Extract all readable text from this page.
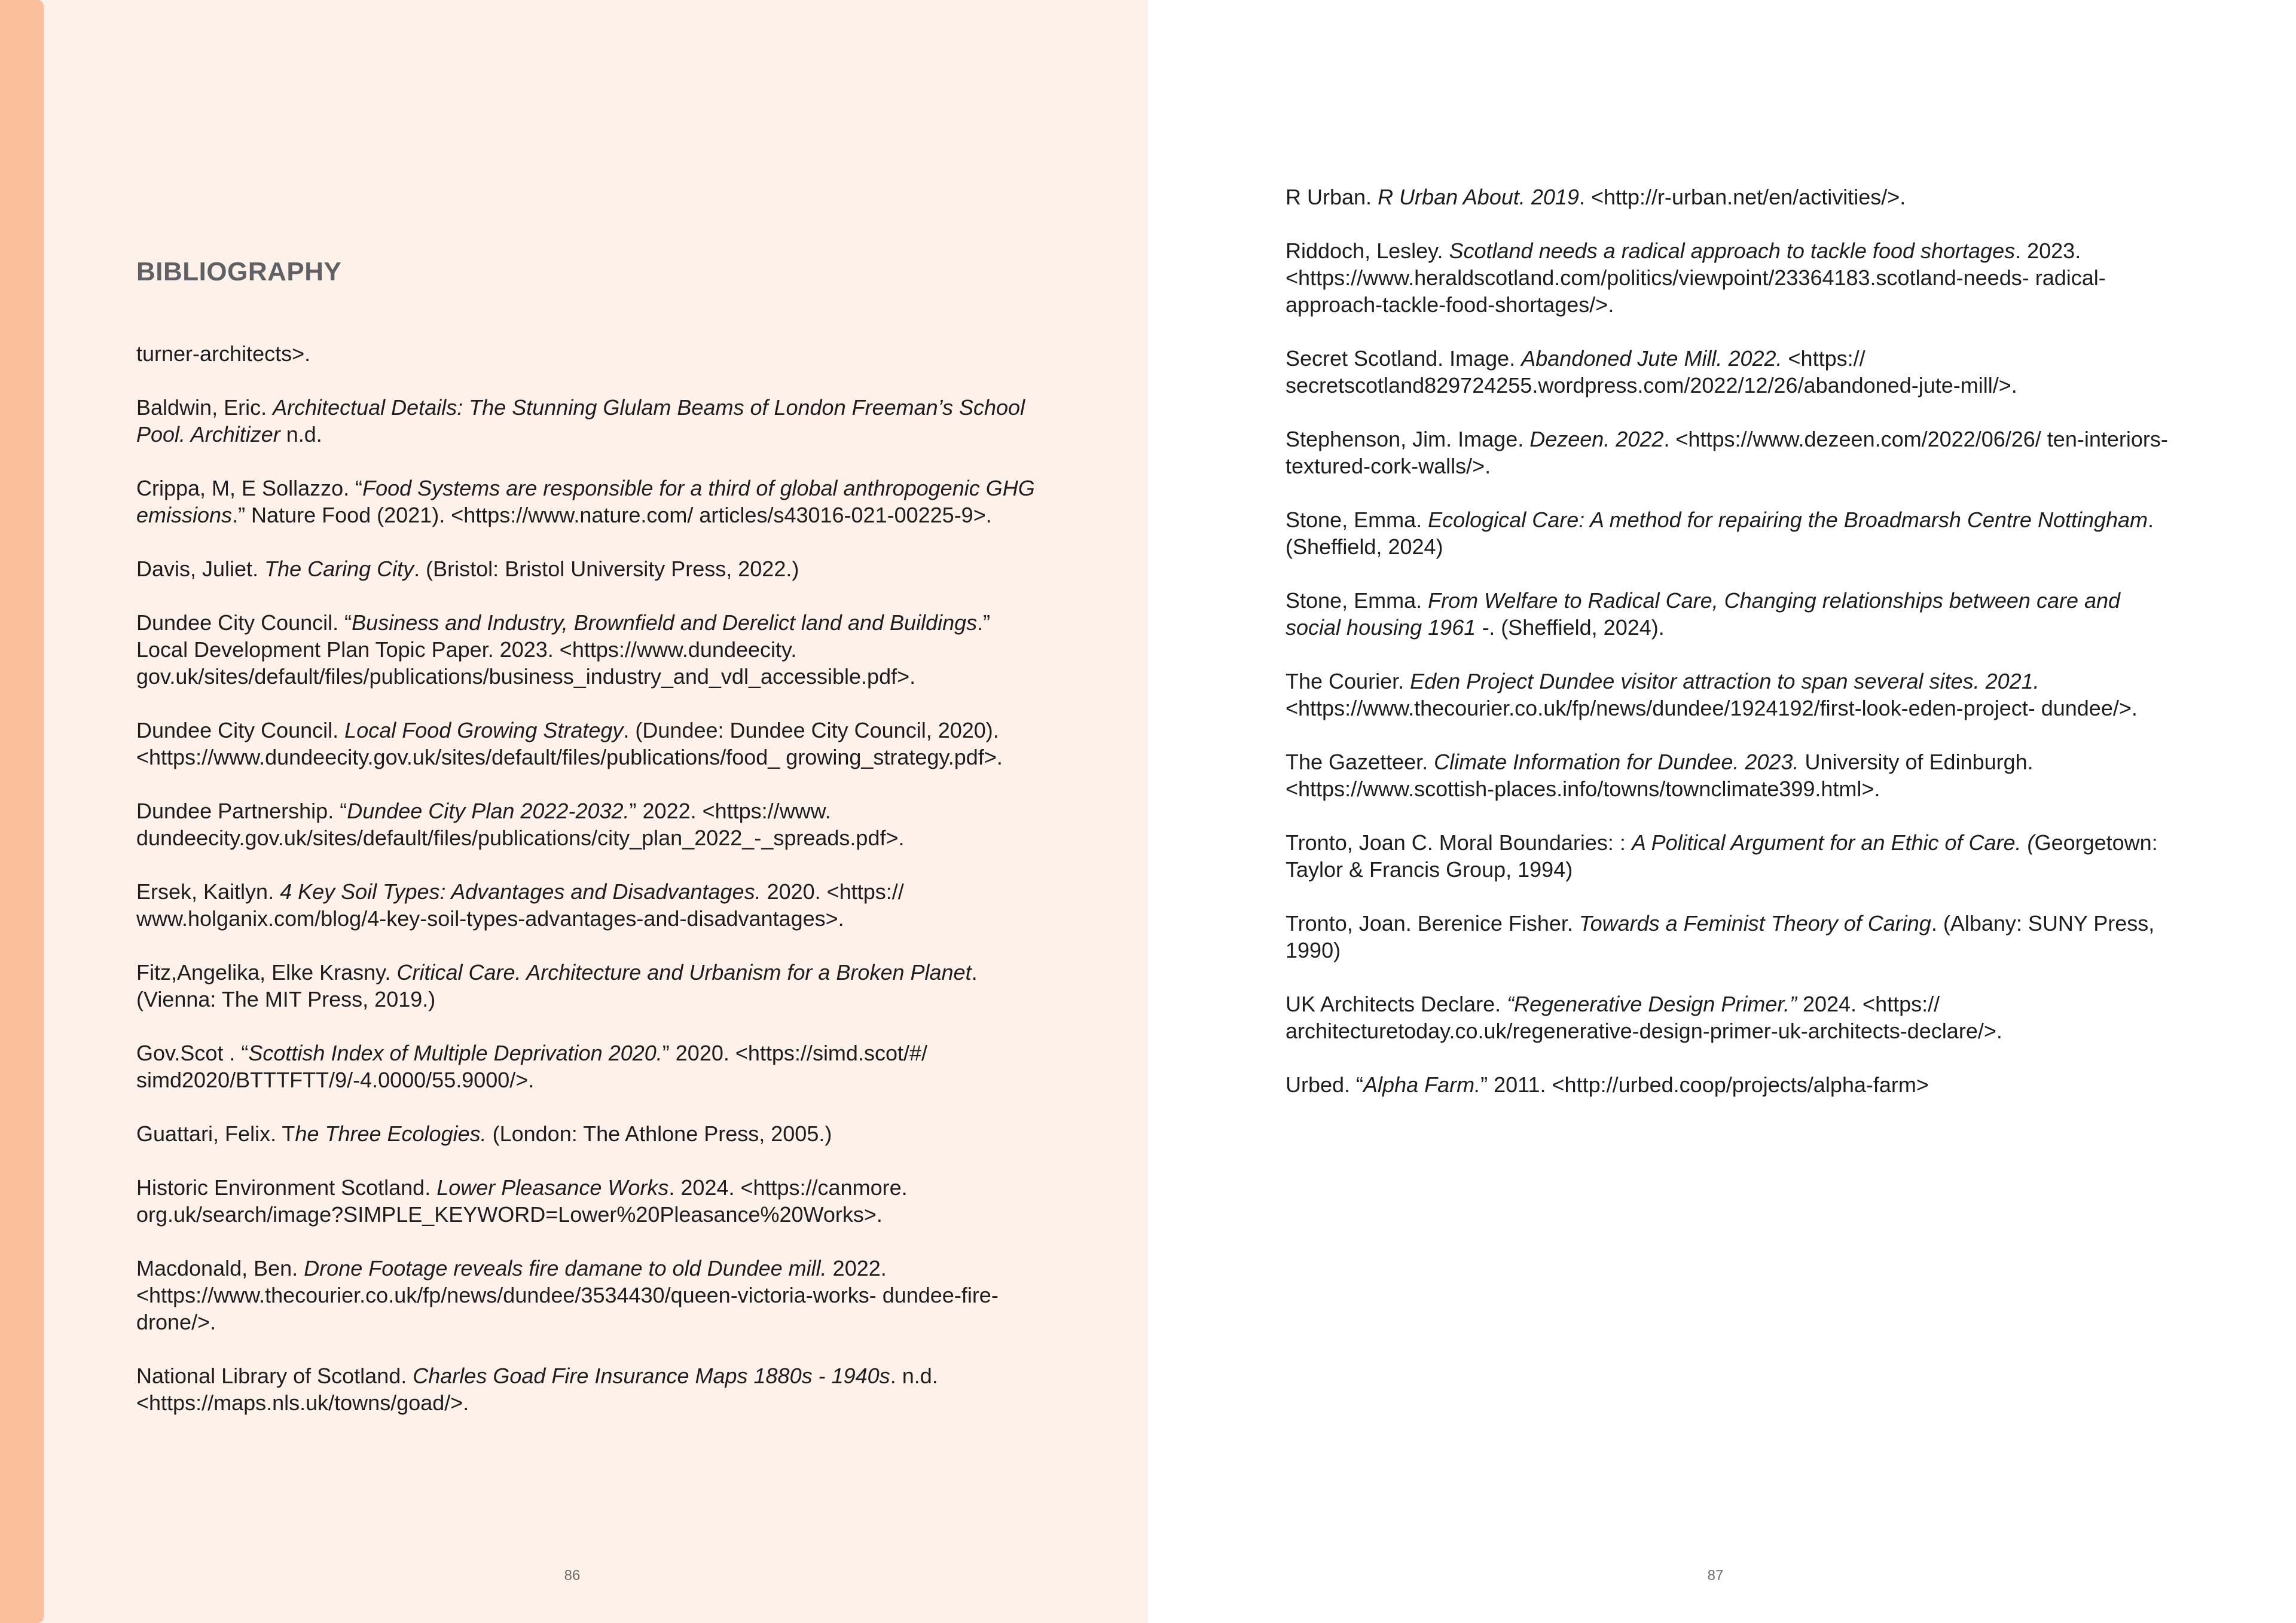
BIBLIOGRAPHY

turner-architects>.

Baldwin, Eric. Architectual Details: The Stunning Glulam Beams of London Freeman’s School Pool. Architizer n.d.

Crippa, M, E Sollazzo. “Food Systems are responsible for a third of global anthropogenic GHG emissions.” Nature Food (2021). <https://www.nature.com/ articles/s43016-021-00225-9>.

Davis, Juliet. The Caring City. (Bristol: Bristol University Press, 2022.)

Dundee City Council. “Business and Industry, Brownfield and Derelict land and Buildings.” Local Development Plan Topic Paper. 2023. <https://www.dundeecity. gov.uk/sites/default/files/publications/business_industry_and_vdl_accessible.pdf>.

Dundee City Council. Local Food Growing Strategy. (Dundee: Dundee City Council, 2020). <https://www.dundeecity.gov.uk/sites/default/files/publications/food_ growing_strategy.pdf>.

Dundee Partnership. “Dundee City Plan 2022-2032.” 2022. <https://www. dundeecity.gov.uk/sites/default/files/publications/city_plan_2022_-_spreads.pdf>.

Ersek, Kaitlyn. 4 Key Soil Types: Advantages and Disadvantages. 2020. <https:// www.holganix.com/blog/4-key-soil-types-advantages-and-disadvantages>.

Fitz,Angelika, Elke Krasny. Critical Care. Architecture and Urbanism for a Broken Planet. (Vienna: The MIT Press, 2019.)

Gov.Scot . “Scottish Index of Multiple Deprivation 2020.” 2020. <https://simd.scot/#/ simd2020/BTTTFTT/9/-4.0000/55.9000/>.

Guattari, Felix. The Three Ecologies. (London: The Athlone Press, 2005.)

Historic Environment Scotland. Lower Pleasance Works. 2024. <https://canmore. org.uk/search/image?SIMPLE_KEYWORD=Lower%20Pleasance%20Works>.

Macdonald, Ben. Drone Footage reveals fire damane to old Dundee mill. 2022. <https://www.thecourier.co.uk/fp/news/dundee/3534430/queen-victoria-works- dundee-fire-drone/>.

National Library of Scotland. Charles Goad Fire Insurance Maps 1880s - 1940s. n.d. <https://maps.nls.uk/towns/goad/>.

86

R Urban. R Urban About. 2019. <http://r-urban.net/en/activities/>.

Riddoch, Lesley. Scotland needs a radical approach to tackle food shortages. 2023. <https://www.heraldscotland.com/politics/viewpoint/23364183.scotland-needs- radical-approach-tackle-food-shortages/>.

Secret Scotland. Image. Abandoned Jute Mill. 2022. <https:// secretscotland829724255.wordpress.com/2022/12/26/abandoned-jute-mill/>.

Stephenson, Jim. Image. Dezeen. 2022. <https://www.dezeen.com/2022/06/26/ ten-interiors-textured-cork-walls/>.

Stone, Emma. Ecological Care: A method for repairing the Broadmarsh Centre Nottingham. (Sheffield, 2024)

Stone, Emma. From Welfare to Radical Care, Changing relationships between care and social housing 1961 -. (Sheffield, 2024).

The Courier. Eden Project Dundee visitor attraction to span several sites. 2021. <https://www.thecourier.co.uk/fp/news/dundee/1924192/first-look-eden-project- dundee/>.

The Gazetteer. Climate Information for Dundee. 2023. University of Edinburgh. <https://www.scottish-places.info/towns/townclimate399.html>.

Tronto, Joan C. Moral Boundaries: : A Political Argument for an Ethic of Care. (Georgetown: Taylor & Francis Group, 1994)

Tronto, Joan. Berenice Fisher. Towards a Feminist Theory of Caring. (Albany: SUNY Press, 1990)

UK Architects Declare. “Regenerative Design Primer.” 2024. <https:// architecturetoday.co.uk/regenerative-design-primer-uk-architects-declare/>.

Urbed. “Alpha Farm.” 2011. <http://urbed.coop/projects/alpha-farm>

87
